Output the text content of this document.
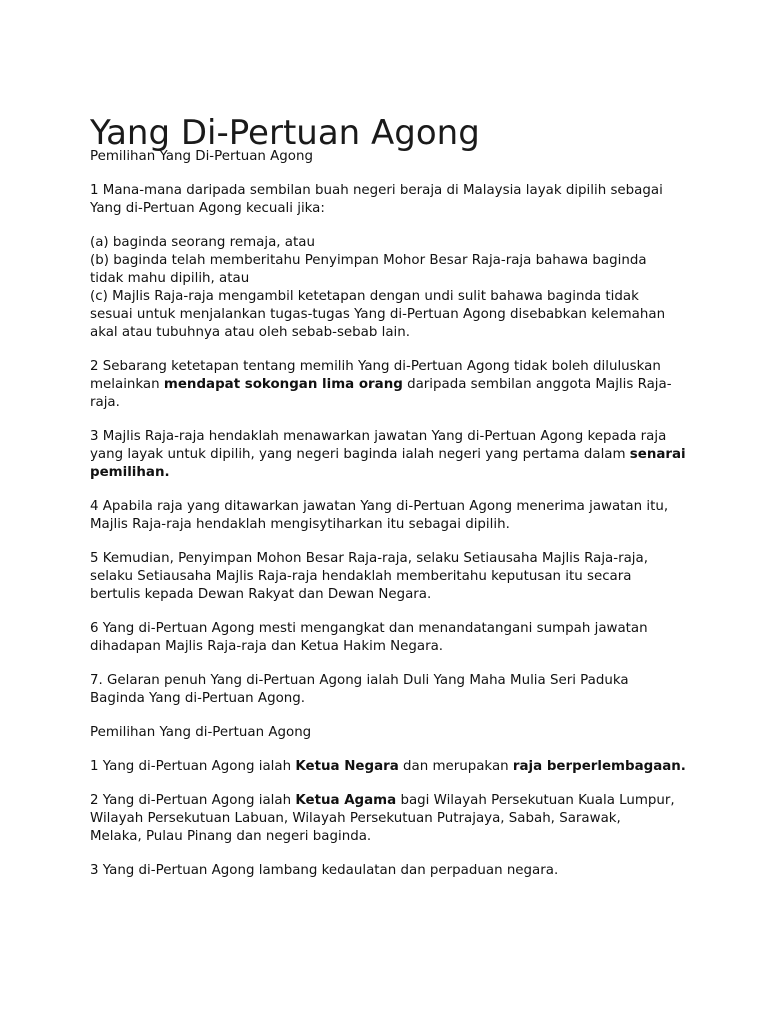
Yang Di-Pertuan Agong

Pemilihan Yang Di-Pertuan Agong

1 Mana-mana daripada sembilan buah negeri beraja di Malaysia layak dipilih sebagai
Yang di-Pertuan Agong kecuali jika:

(a) baginda seorang remaja, atau
(b) baginda telah memberitahu Penyimpan Mohor Besar Raja-raja bahawa baginda
tidak mahu dipilih, atau
(c) Majlis Raja-raja mengambil ketetapan dengan undi sulit bahawa baginda tidak
sesuai untuk menjalankan tugas-tugas Yang di-Pertuan Agong disebabkan kelemahan
akal atau tubuhnya atau oleh sebab-sebab lain.

2 Sebarang ketetapan tentang memilih Yang di-Pertuan Agong tidak boleh diluluskan
melainkan mendapat sokongan lima orang daripada sembilan anggota Majlis Raja-
raja.

3 Majlis Raja-raja hendaklah menawarkan jawatan Yang di-Pertuan Agong kepada raja
yang layak untuk dipilih, yang negeri baginda ialah negeri yang pertama dalam senarai
pemilihan.

4 Apabila raja yang ditawarkan jawatan Yang di-Pertuan Agong menerima jawatan itu,
Majlis Raja-raja hendaklah mengisytiharkan itu sebagai dipilih.

5 Kemudian, Penyimpan Mohon Besar Raja-raja, selaku Setiausaha Majlis Raja-raja,
selaku Setiausaha Majlis Raja-raja hendaklah memberitahu keputusan itu secara
bertulis kepada Dewan Rakyat dan Dewan Negara.

6 Yang di-Pertuan Agong mesti mengangkat dan menandatangani sumpah jawatan
dihadapan Majlis Raja-raja dan Ketua Hakim Negara.

7. Gelaran penuh Yang di-Pertuan Agong ialah Duli Yang Maha Mulia Seri Paduka
Baginda Yang di-Pertuan Agong.

Pemilihan Yang di-Pertuan Agong

1 Yang di-Pertuan Agong ialah Ketua Negara dan merupakan raja berperlembagaan.

2 Yang di-Pertuan Agong ialah Ketua Agama bagi Wilayah Persekutuan Kuala Lumpur,
Wilayah Persekutuan Labuan, Wilayah Persekutuan Putrajaya, Sabah, Sarawak,
Melaka, Pulau Pinang dan negeri baginda.

3 Yang di-Pertuan Agong lambang kedaulatan dan perpaduan negara.
